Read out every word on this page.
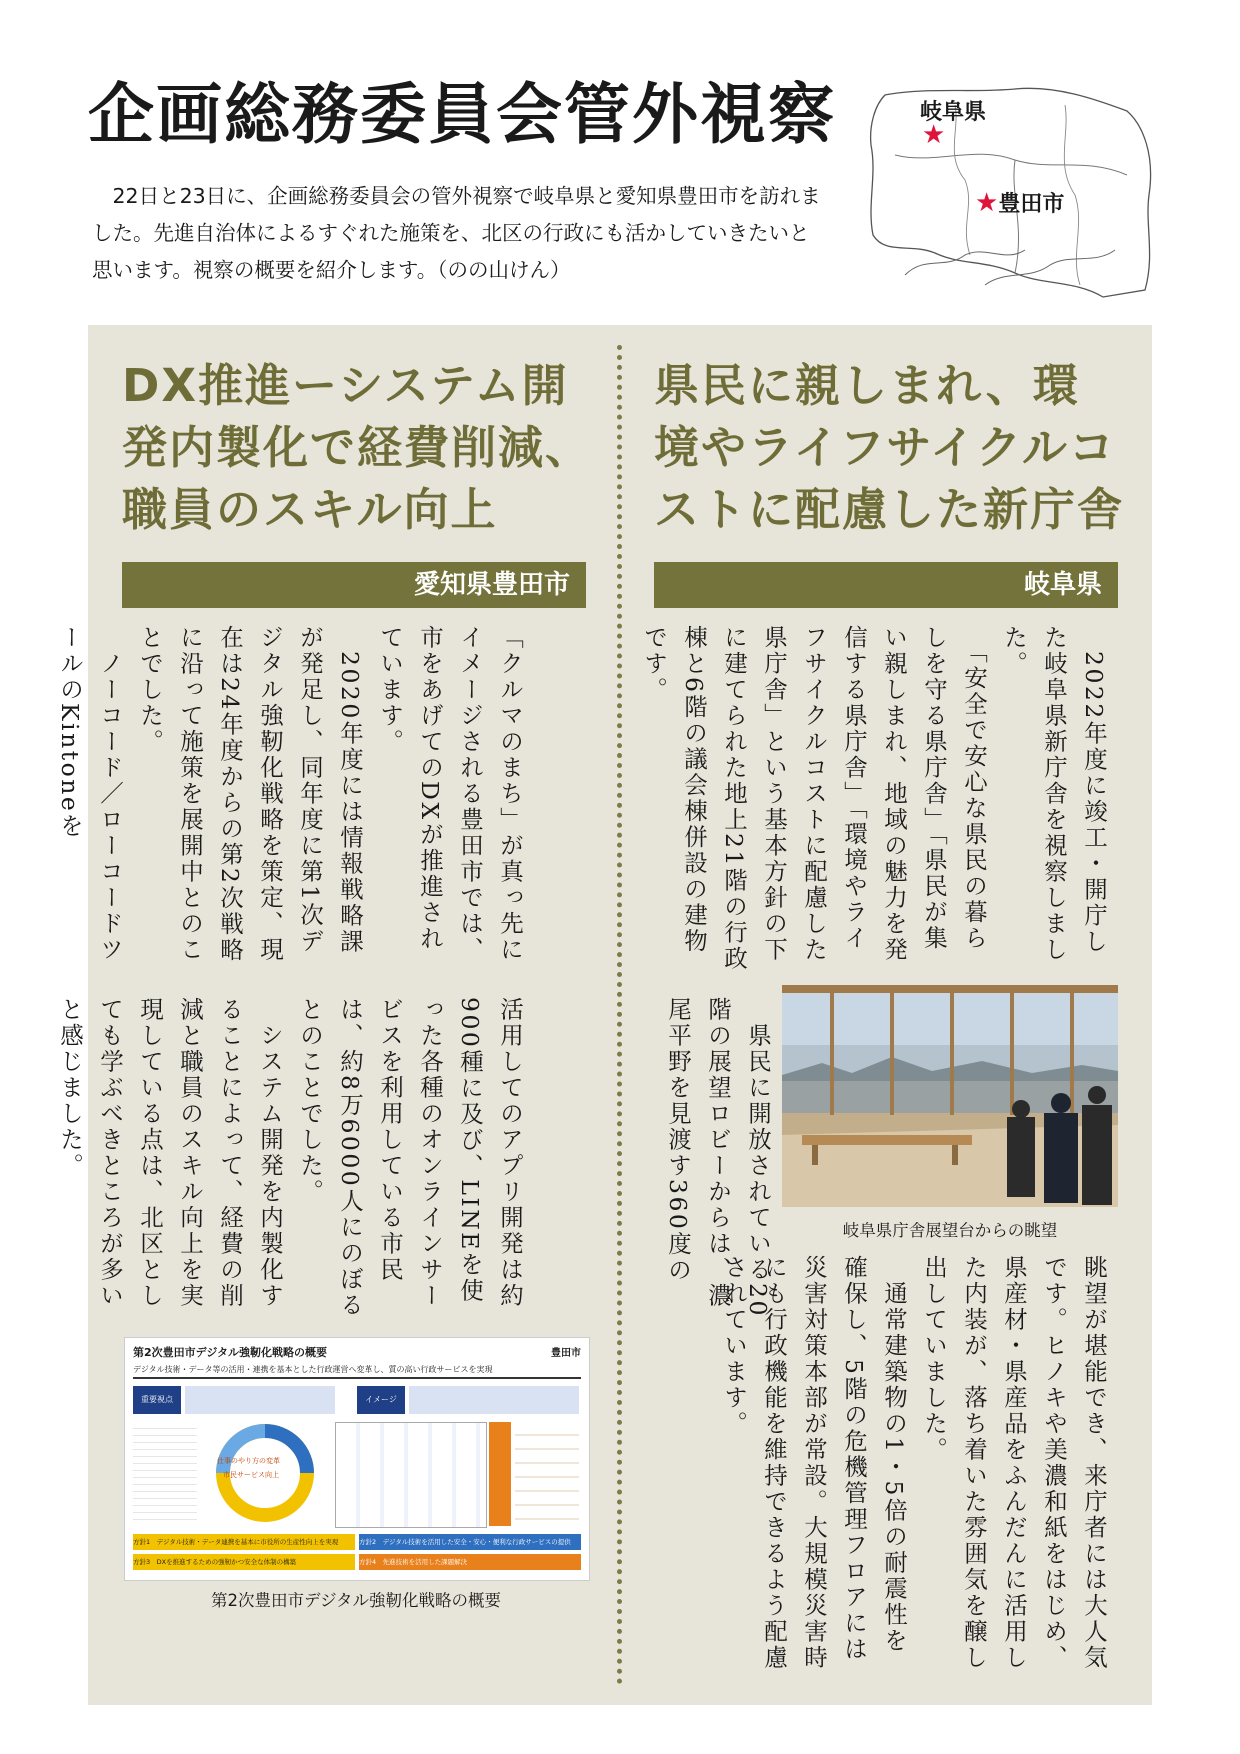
企画総務委員会管外視察

22日と23日に、企画総務委員会の管外視察で岐阜県と愛知県豊田市を訪れました。先進自治体によるすぐれた施策を、北区の行政にも活かしていきたいと思います。視察の概要を紹介します。（のの山けん）

岐阜県
★
★豊田市
DX推進ーシステム開発内製化で経費削減、職員のスキル向上
愛知県豊田市

「クルマのまち」が真っ先にイメージされる豊田市では、市をあげてのDXが推進されています。
　2020年度には情報戦略課が発足し、同年度に第1次デジタル強靭化戦略を策定、現在は24年度からの第2次戦略に沿って施策を展開中とのことでした。
　ノーコード／ローコードツールのKintoneを

活用してのアプリ開発は約900種に及び、LINEを使った各種のオンラインサービスを利用している市民は、約8万6000人にのぼるとのことでした。
　システム開発を内製化することによって、経費の削減と職員のスキル向上を実現している点は、北区としても学ぶべきところが多いと感じました。

第2次豊田市デジタル強靭化戦略の概要	豊田市
デジタル技術・データ等の活用・連携を基本とした行政運営へ変革し、質の高い行政サービスを実現
重要視点	イメージ
仕事のやり方の変革
市民サービス向上
方針1　デジタル技術・データ連携を基本に市役所の生産性向上を実現	方針2　デジタル技術を活用した安全・安心・便利な行政サービスの提供
方針3　DXを推進するための強靭かつ安全な体制の構築	方針4　先進技術を活用した課題解決
第2次豊田市デジタル強靭化戦略の概要
県民に親しまれ、環境やライフサイクルコストに配慮した新庁舎
岐阜県

　2022年度に竣工・開庁した岐阜県新庁舎を視察しました。
　「安全で安心な県民の暮らしを守る県庁舎」「県民が集い親しまれ、地域の魅力を発信する県庁舎」「環境やライフサイクルコストに配慮した県庁舎」という基本方針の下に建てられた地上21階の行政棟と6階の議会棟併設の建物です。

　県民に開放されている20階の展望ロビーからは、濃尾平野を見渡す360度の	岐阜県庁舎展望台からの眺望

眺望が堪能でき、来庁者には大人気です。ヒノキや美濃和紙をはじめ、県産材・県産品をふんだんに活用した内装が、落ち着いた雰囲気を醸し出していました。
　通常建築物の1・5倍の耐震性を確保し、5階の危機管理フロアには災害対策本部が常設。大規模災害時にも行政機能を維持できるよう配慮されています。
